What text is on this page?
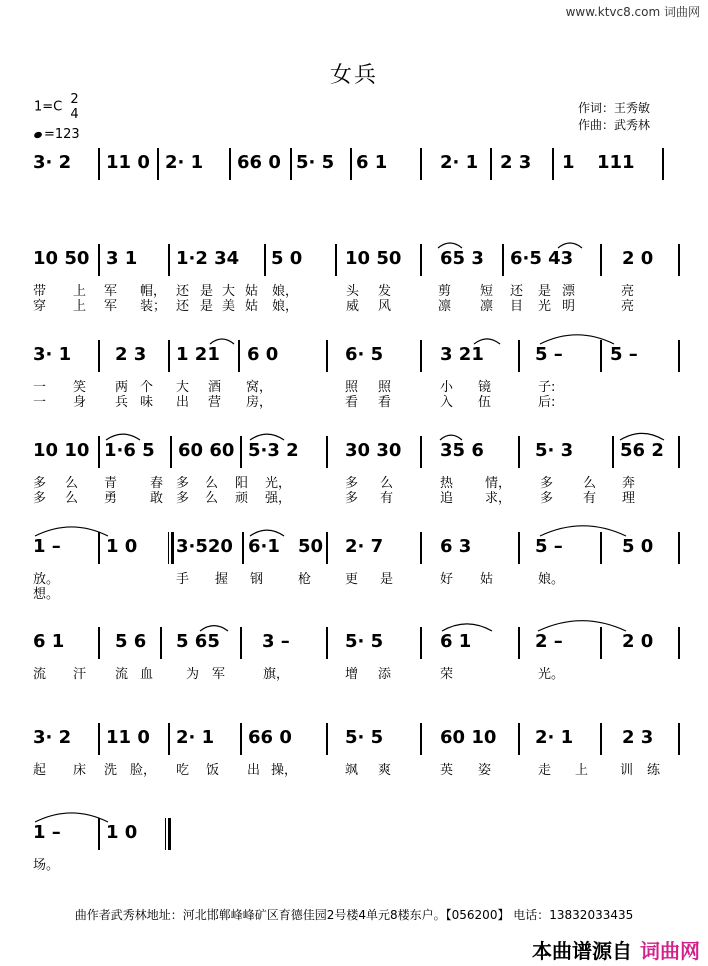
www.ktvc8.com 词曲网
女兵
1=C 2
4
=123
作词：王秀敏
作曲：武秀林
3· 2 11 0 2· 1 66 0 5· 5 6 1	2· 1 2 3 1 111
10 50 3 1 1·2 34 5 0 10 50 65 3 6·5 43	2 0
带 上 军 帽， 还 是 大 姑 娘，	头 发	剪 短 还 是 漂	亮
穿 上 军 装； 还 是 美 姑 娘，	威 风	凛 凛 目 光 明	亮
3· 1 2 3 1 21 6 0	6· 5	3 21	5 –	5 –
一 笑 两 个 大 酒 窝，	照 照	小 镜	子:
一 身 兵 味 出 营 房，	看 看	入 伍	后:
10 10 1·6 5 60 60 5·3 2	30 30 35 6	5· 3	56 2
多 么 青	春 多 么 阳 光，	多 么	热 情， 多 么 奔
多 么 勇	敢 多 么 顽 强，	多 有	追 求， 多 有 理
1 –	1 0 3·520 6·1 50 2· 7	6 3	5 –	5 0
放。	手 握 钢	枪	更 是	好 姑	娘。
想。
6 1	5 6 5 65 3 –	5· 5	6 1	2 –	2 0
流 汗 流 血	为 军	旗，	增 添	荣	光。
3· 2 11 0 2· 1 66 0	5· 5	60 10 2· 1	2 3
起 床 洗 脸， 吃 饭 出 操，	飒 爽	英 姿	走 上 训 练
1 –	1 0
场。
曲作者武秀林地址：河北邯郸峰峰矿区育德佳园2号楼4单元8楼东户。【056200】 电话：13832033435
本曲谱源自 词曲网
